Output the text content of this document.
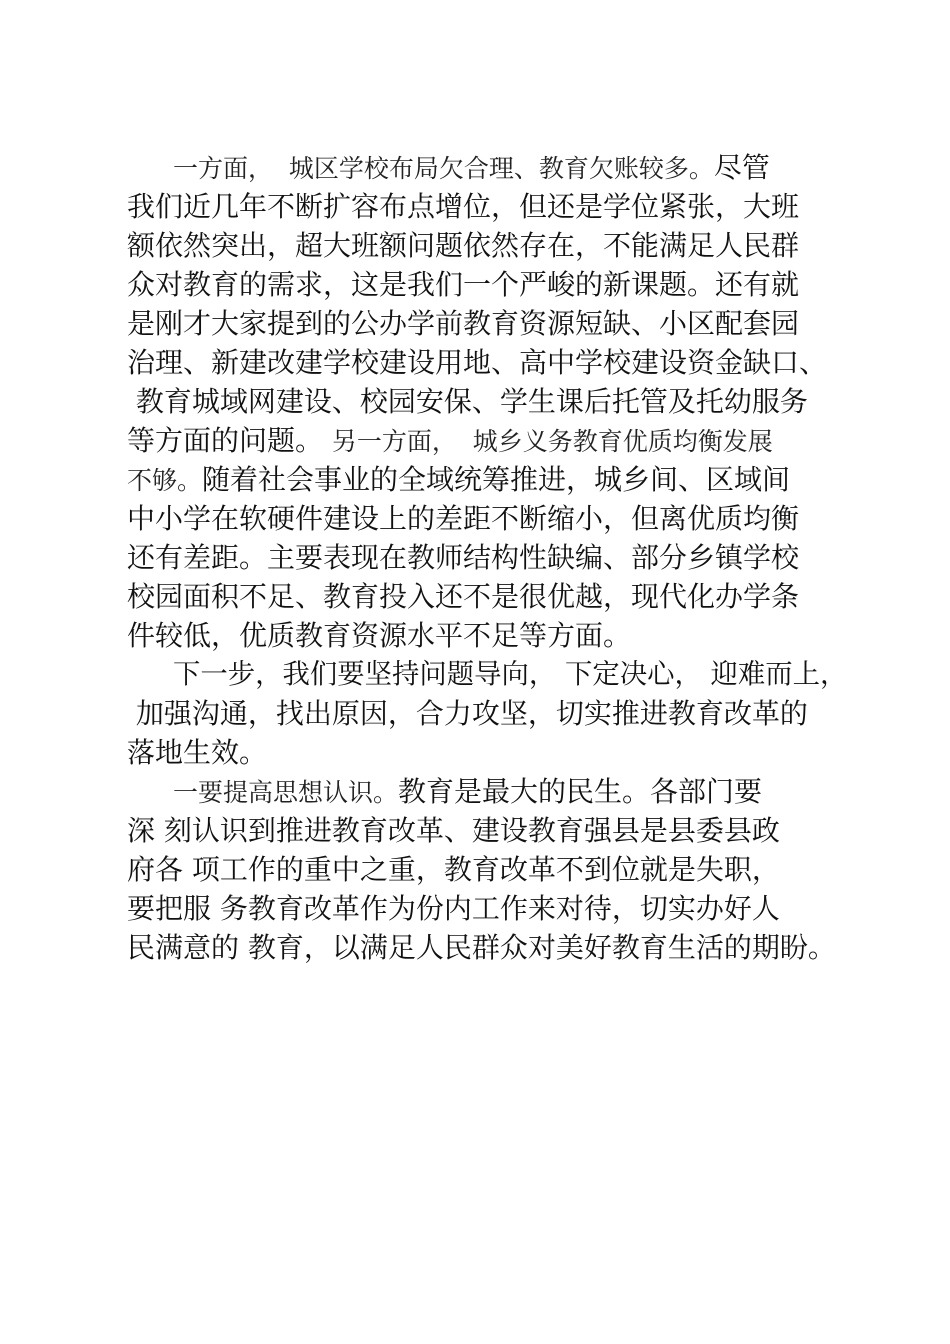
一方面，  城区学校布局欠合理、教育欠账较多。尽管
我们近几年不断扩容布点增位，但还是学位紧张，大班
额依然突出，超大班额问题依然存在，不能满足人民群
众对教育的需求，这是我们一个严峻的新课题。还有就
是刚才大家提到的公办学前教育资源短缺、小区配套园
治理、新建改建学校建设用地、高中学校建设资金缺口、
教育城域网建设、校园安保、学生课后托管及托幼服务
等方面的问题。 另一方面，  城乡义务教育优质均衡发展
不够。随着社会事业的全域统筹推进，城乡间、区域间
中小学在软硬件建设上的差距不断缩小，但离优质均衡
还有差距。主要表现在教师结构性缺编、部分乡镇学校
校园面积不足、教育投入还不是很优越，现代化办学条
件较低，优质教育资源水平不足等方面。
下一步，我们要坚持问题导向， 下定决心， 迎难而上，
加强沟通，找出原因，合力攻坚，切实推进教育改革的
落地生效。
一要提高思想认识。教育是最大的民生。各部门要
深 刻认识到推进教育改革、建设教育强县是县委县政
府各 项工作的重中之重，教育改革不到位就是失职，
要把服 务教育改革作为份内工作来对待，切实办好人
民满意的 教育，以满足人民群众对美好教育生活的期盼。
